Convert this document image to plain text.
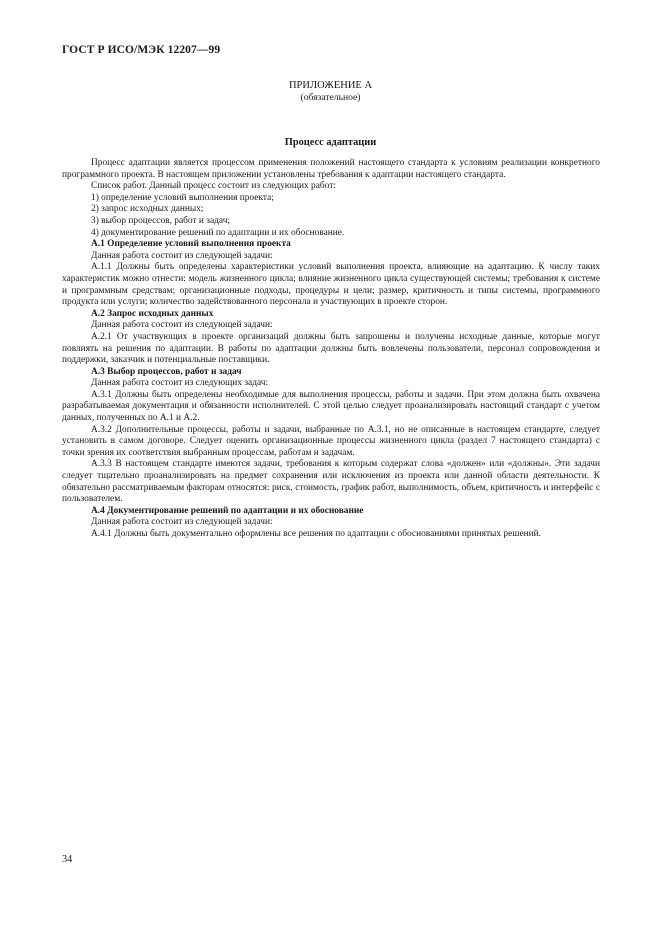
ГОСТ Р ИСО/МЭК 12207—99
ПРИЛОЖЕНИЕ А
(обязательное)
Процесс адаптации

Процесс адаптации является процессом применения положений настоящего стандарта к условиям реализации конкретного программного проекта. В настоящем приложении установлены требования к адаптации настоящего стандарта.

Список работ. Данный процесс состоит из следующих работ:

1) определение условий выполнения проекта;

2) запрос исходных данных;

3) выбор процессов, работ и задач;

4) документирование решений по адаптации и их обоснование.

А.1 Определение условий выполнения проекта

Данная работа состоит из следующей задачи:

А.1.1 Должны быть определены характеристики условий выполнения проекта, влияющие на адаптацию. К числу таких характеристик можно отнести: модель жизненного цикла; влияние жизненного цикла существующей системы; требования к системе и программным средствам; организационные подходы, процедуры и цели; размер, критичность и типы системы, программного продукта или услуги; количество задействованного персонала и участвующих в проекте сторон.

А.2 Запрос исходных данных

Данная работа состоит из следующей задачи:

А.2.1 От участвующих в проекте организаций должны быть запрошены и получены исходные данные, которые могут повлиять на решения по адаптации. В работы по адаптации должны быть вовлечены пользователи, персонал сопровождения и поддержки, заказчик и потенциальные поставщики.

А.3 Выбор процессов, работ и задач

Данная работа состоит из следующих задач:

А.3.1 Должны быть определены необходимые для выполнения процессы, работы и задачи. При этом должна быть охвачена разрабатываемая документация и обязанности исполнителей. С этой целью следует проанализировать настоящий стандарт с учетом данных, полученных по А.1 и А.2.

А.3.2 Дополнительные процессы, работы и задачи, выбранные по А.3.1, но не описанные в настоящем стандарте, следует установить в самом договоре. Следует оценить организационные процессы жизненного цикла (раздел 7 настоящего стандарта) с точки зрения их соответствия выбранным процессам, работам и задачам.

А.3.3 В настоящем стандарте имеются задачи, требования к которым содержат слова «должен» или «должны». Эти задачи следует тщательно проанализировать на предмет сохранения или исключения из проекта или данной области деятельности. К обязательно рассматриваемым факторам относятся: риск, стоимость, график работ, выполнимость, объем, критичность и интерфейс с пользователем.

А.4 Документирование решений по адаптации и их обоснование

Данная работа состоит из следующей задачи:

А.4.1 Должны быть документально оформлены все решения по адаптации с обоснованиями принятых решений.

34
